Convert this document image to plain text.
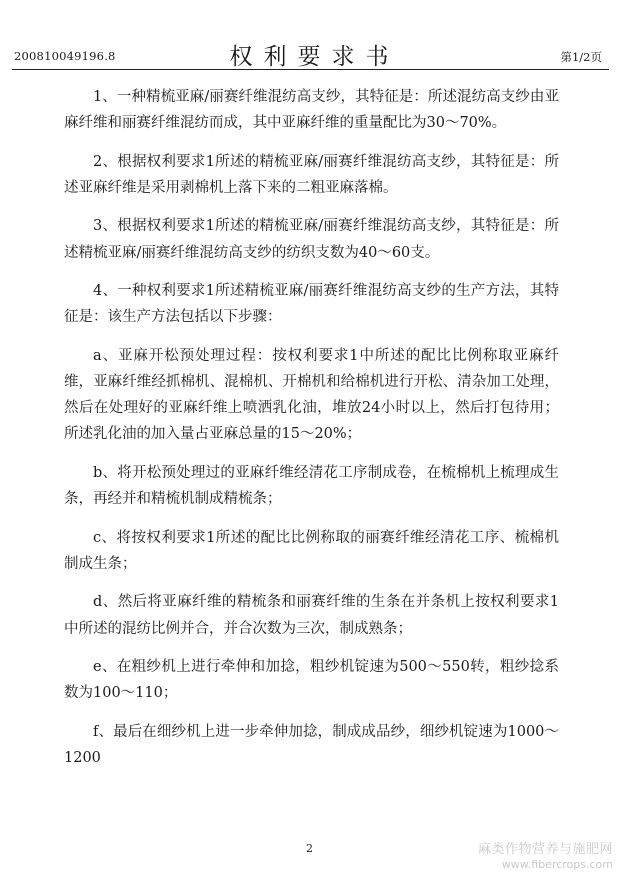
200810049196.8	权利要求书	第1/2页

1、一种精梳亚麻/丽赛纤维混纺高支纱，其特征是：所述混纺高支纱由亚麻纤维和丽赛纤维混纺而成，其中亚麻纤维的重量配比为30～70%。

2、根据权利要求1所述的精梳亚麻/丽赛纤维混纺高支纱，其特征是：所述亚麻纤维是采用剥棉机上落下来的二粗亚麻落棉。

3、根据权利要求1所述的精梳亚麻/丽赛纤维混纺高支纱，其特征是：所述精梳亚麻/丽赛纤维混纺高支纱的纺织支数为40～60支。

4、一种权利要求1所述精梳亚麻/丽赛纤维混纺高支纱的生产方法，其特征是：该生产方法包括以下步骤：

a、亚麻开松预处理过程：按权利要求1中所述的配比比例称取亚麻纤维，亚麻纤维经抓棉机、混棉机、开棉机和给棉机进行开松、清杂加工处理，然后在处理好的亚麻纤维上喷洒乳化油，堆放24小时以上，然后打包待用；所述乳化油的加入量占亚麻总量的15～20%；

b、将开松预处理过的亚麻纤维经清花工序制成卷，在梳棉机上梳理成生条，再经并和精梳机制成精梳条；

c、将按权利要求1所述的配比比例称取的丽赛纤维经清花工序、梳棉机制成生条；

d、然后将亚麻纤维的精梳条和丽赛纤维的生条在并条机上按权利要求1中所述的混纺比例并合，并合次数为三次，制成熟条；

e、在粗纱机上进行牵伸和加捻，粗纱机锭速为500～550转，粗纱捻系数为100～110；

f、最后在细纱机上进一步牵伸加捻，制成成品纱，细纱机锭速为1000～1200

2	麻类作物营养与施肥网
www.fibercrops.com
